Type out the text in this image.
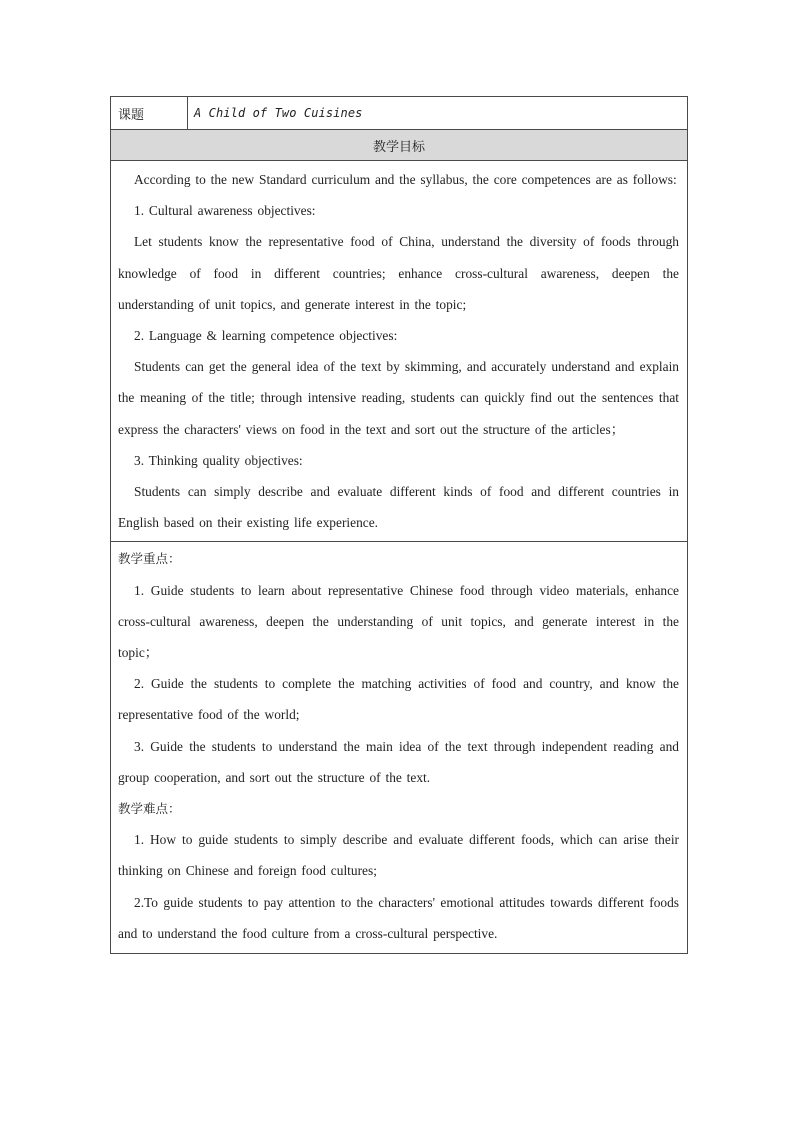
课题	A Child of Two Cuisines
教学目标

According to the new Standard curriculum and the syllabus, the core competences are as follows:

1. Cultural awareness objectives:

Let students know the representative food of China, understand the diversity of foods through knowledge of food in different countries; enhance cross-cultural awareness, deepen the understanding of unit topics, and generate interest in the topic;

2. Language & learning competence objectives:

Students can get the general idea of the text by skimming, and accurately understand and explain the meaning of the title; through intensive reading, students can quickly find out the sentences that express the characters' views on food in the text and sort out the structure of the articles；

3. Thinking quality objectives:

Students can simply describe and evaluate different kinds of food and different countries in English based on their existing life experience.

教学重点：

1. Guide students to learn about representative Chinese food through video materials, enhance cross-cultural awareness, deepen the understanding of unit topics, and generate interest in the topic；

2. Guide the students to complete the matching activities of food and country, and know the representative food of the world;

3. Guide the students to understand the main idea of the text through independent reading and group cooperation, and sort out the structure of the text.

教学难点：

1. How to guide students to simply describe and evaluate different foods, which can arise their thinking on Chinese and foreign food cultures;

2.To guide students to pay attention to the characters' emotional attitudes towards different foods and to understand the food culture from a cross-cultural perspective.
